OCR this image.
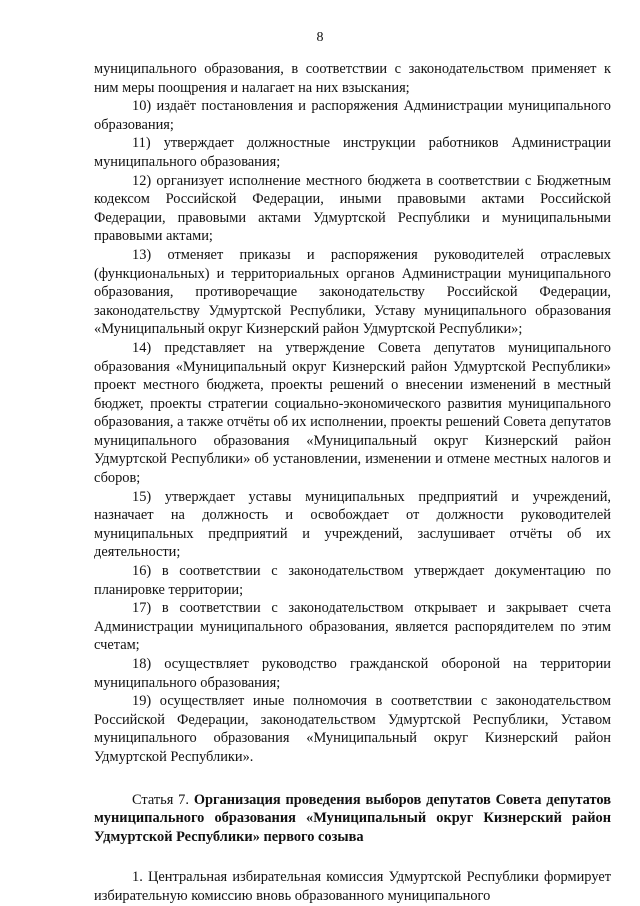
8

муниципального образования, в соответствии с законодательством применяет к ним меры поощрения и налагает на них взыскания;

10) издаёт постановления и распоряжения Администрации муниципального образования;

11) утверждает должностные инструкции работников Администрации муниципального образования;

12) организует исполнение местного бюджета в соответствии с Бюджетным кодексом Российской Федерации, иными правовыми актами Российской Федерации, правовыми актами Удмуртской Республики и муниципальными правовыми актами;

13) отменяет приказы и распоряжения руководителей отраслевых (функциональных) и территориальных органов Администрации муниципального образования, противоречащие законодательству Российской Федерации, законодательству Удмуртской Республики, Уставу муниципального образования «Муниципальный округ Кизнерский район Удмуртской Республики»;

14) представляет на утверждение Совета депутатов муниципального образования «Муниципальный округ Кизнерский район Удмуртской Республики» проект местного бюджета, проекты решений о внесении изменений в местный бюджет, проекты стратегии социально-экономического развития муниципального образования, а также отчёты об их исполнении, проекты решений Совета депутатов муниципального образования «Муниципальный округ Кизнерский район Удмуртской Республики» об установлении, изменении и отмене местных налогов и сборов;

15) утверждает уставы муниципальных предприятий и учреждений, назначает на должность и освобождает от должности руководителей муниципальных предприятий и учреждений, заслушивает отчёты об их деятельности;

16) в соответствии с законодательством утверждает документацию по планировке территории;

17) в соответствии с законодательством открывает и закрывает счета Администрации муниципального образования, является распорядителем по этим счетам;

18) осуществляет руководство гражданской обороной на территории муниципального образования;

19) осуществляет иные полномочия в соответствии с законодательством Российской Федерации, законодательством Удмуртской Республики, Уставом муниципального образования «Муниципальный округ Кизнерский район Удмуртской Республики».

Статья 7. Организация проведения выборов депутатов Совета депутатов муниципального образования «Муниципальный округ Кизнерский район Удмуртской Республики» первого созыва

1. Центральная избирательная комиссия Удмуртской Республики формирует избирательную комиссию вновь образованного муниципального
